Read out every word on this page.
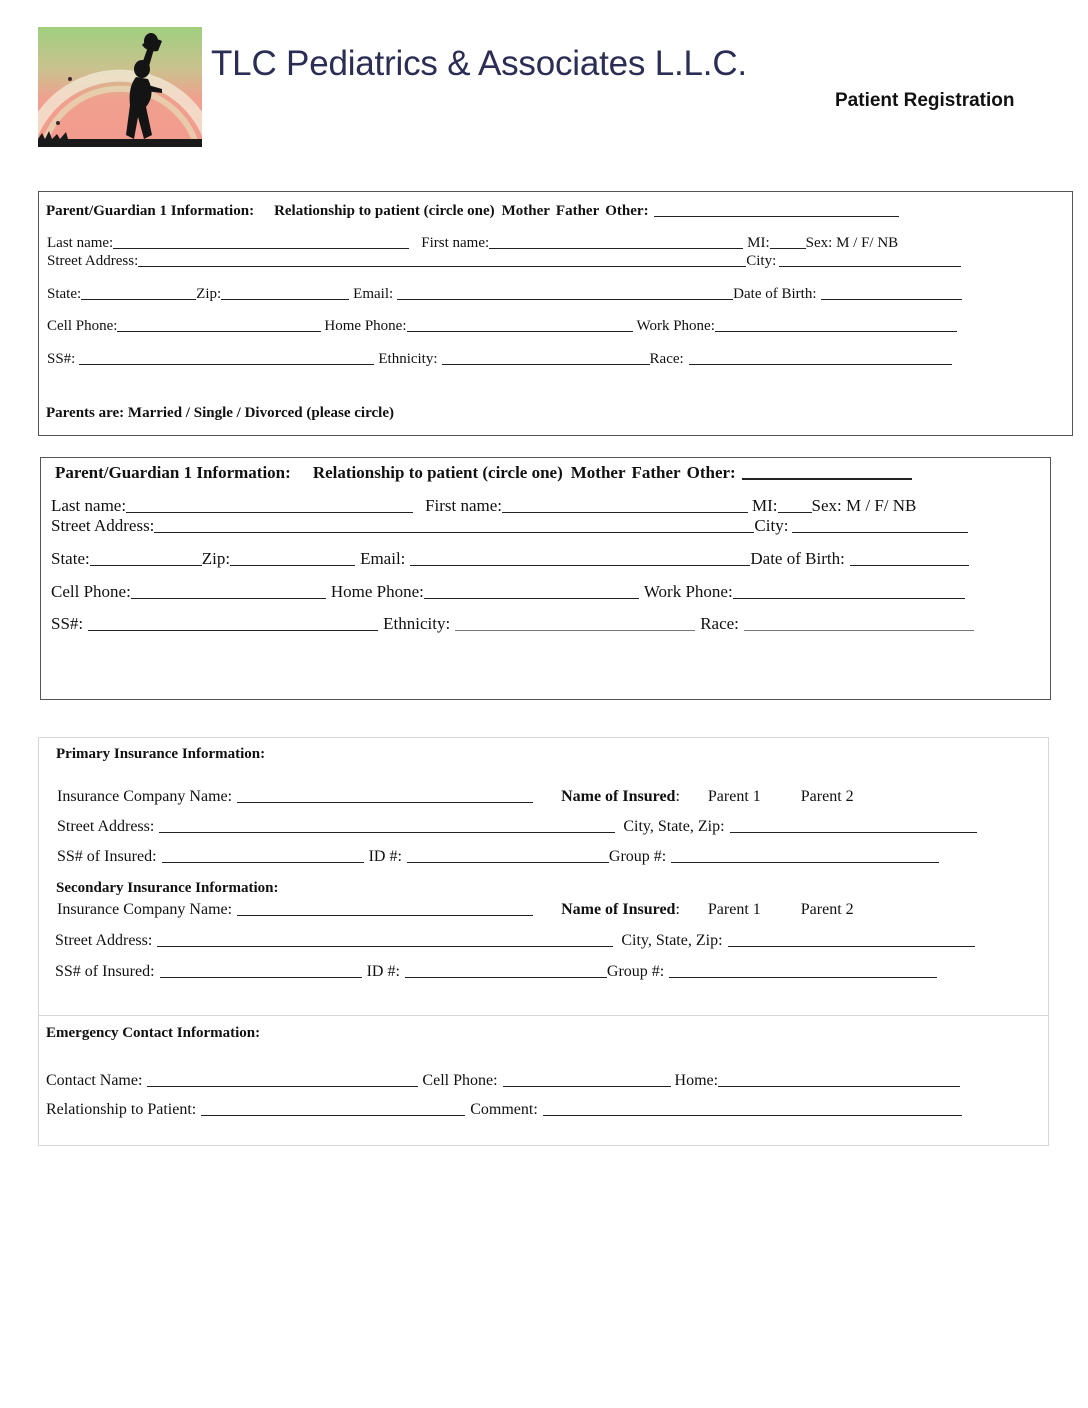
TLC Pediatrics & Associates L.L.C.
Patient Registration
Parent/Guardian 1 Information: Relationship to patient (circle one) Mother Father Other:
Last name:	First name:	MI: Sex: M / F/ NB
Street Address:	City:
State:	Zip:	Email:	Date of Birth:
Cell Phone:	Home Phone:	Work Phone:
SS#:	Ethnicity:	Race:
Parents are: Married / Single / Divorced (please circle)
Parent/Guardian 1 Information: Relationship to patient (circle one) Mother Father Other:
Last name:	First name:	MI: Sex: M / F/ NB
Street Address:	City:
State:	Zip:	Email:	Date of Birth:
Cell Phone:	Home Phone:	Work Phone:
SS#:	Ethnicity:	Race:
Primary Insurance Information:
Insurance Company Name:	Name of Insured : Parent 1	Parent 2
Street Address:	City, State, Zip:
SS# of Insured:	ID #:	Group #:
Secondary Insurance Information:
Insurance Company Name:	Name of Insured : Parent 1	Parent 2
Street Address:	City, State, Zip:
SS# of Insured:	ID #:	Group #:
Emergency Contact Information:
Contact Name:	Cell Phone:	Home:
Relationship to Patient:	Comment:
